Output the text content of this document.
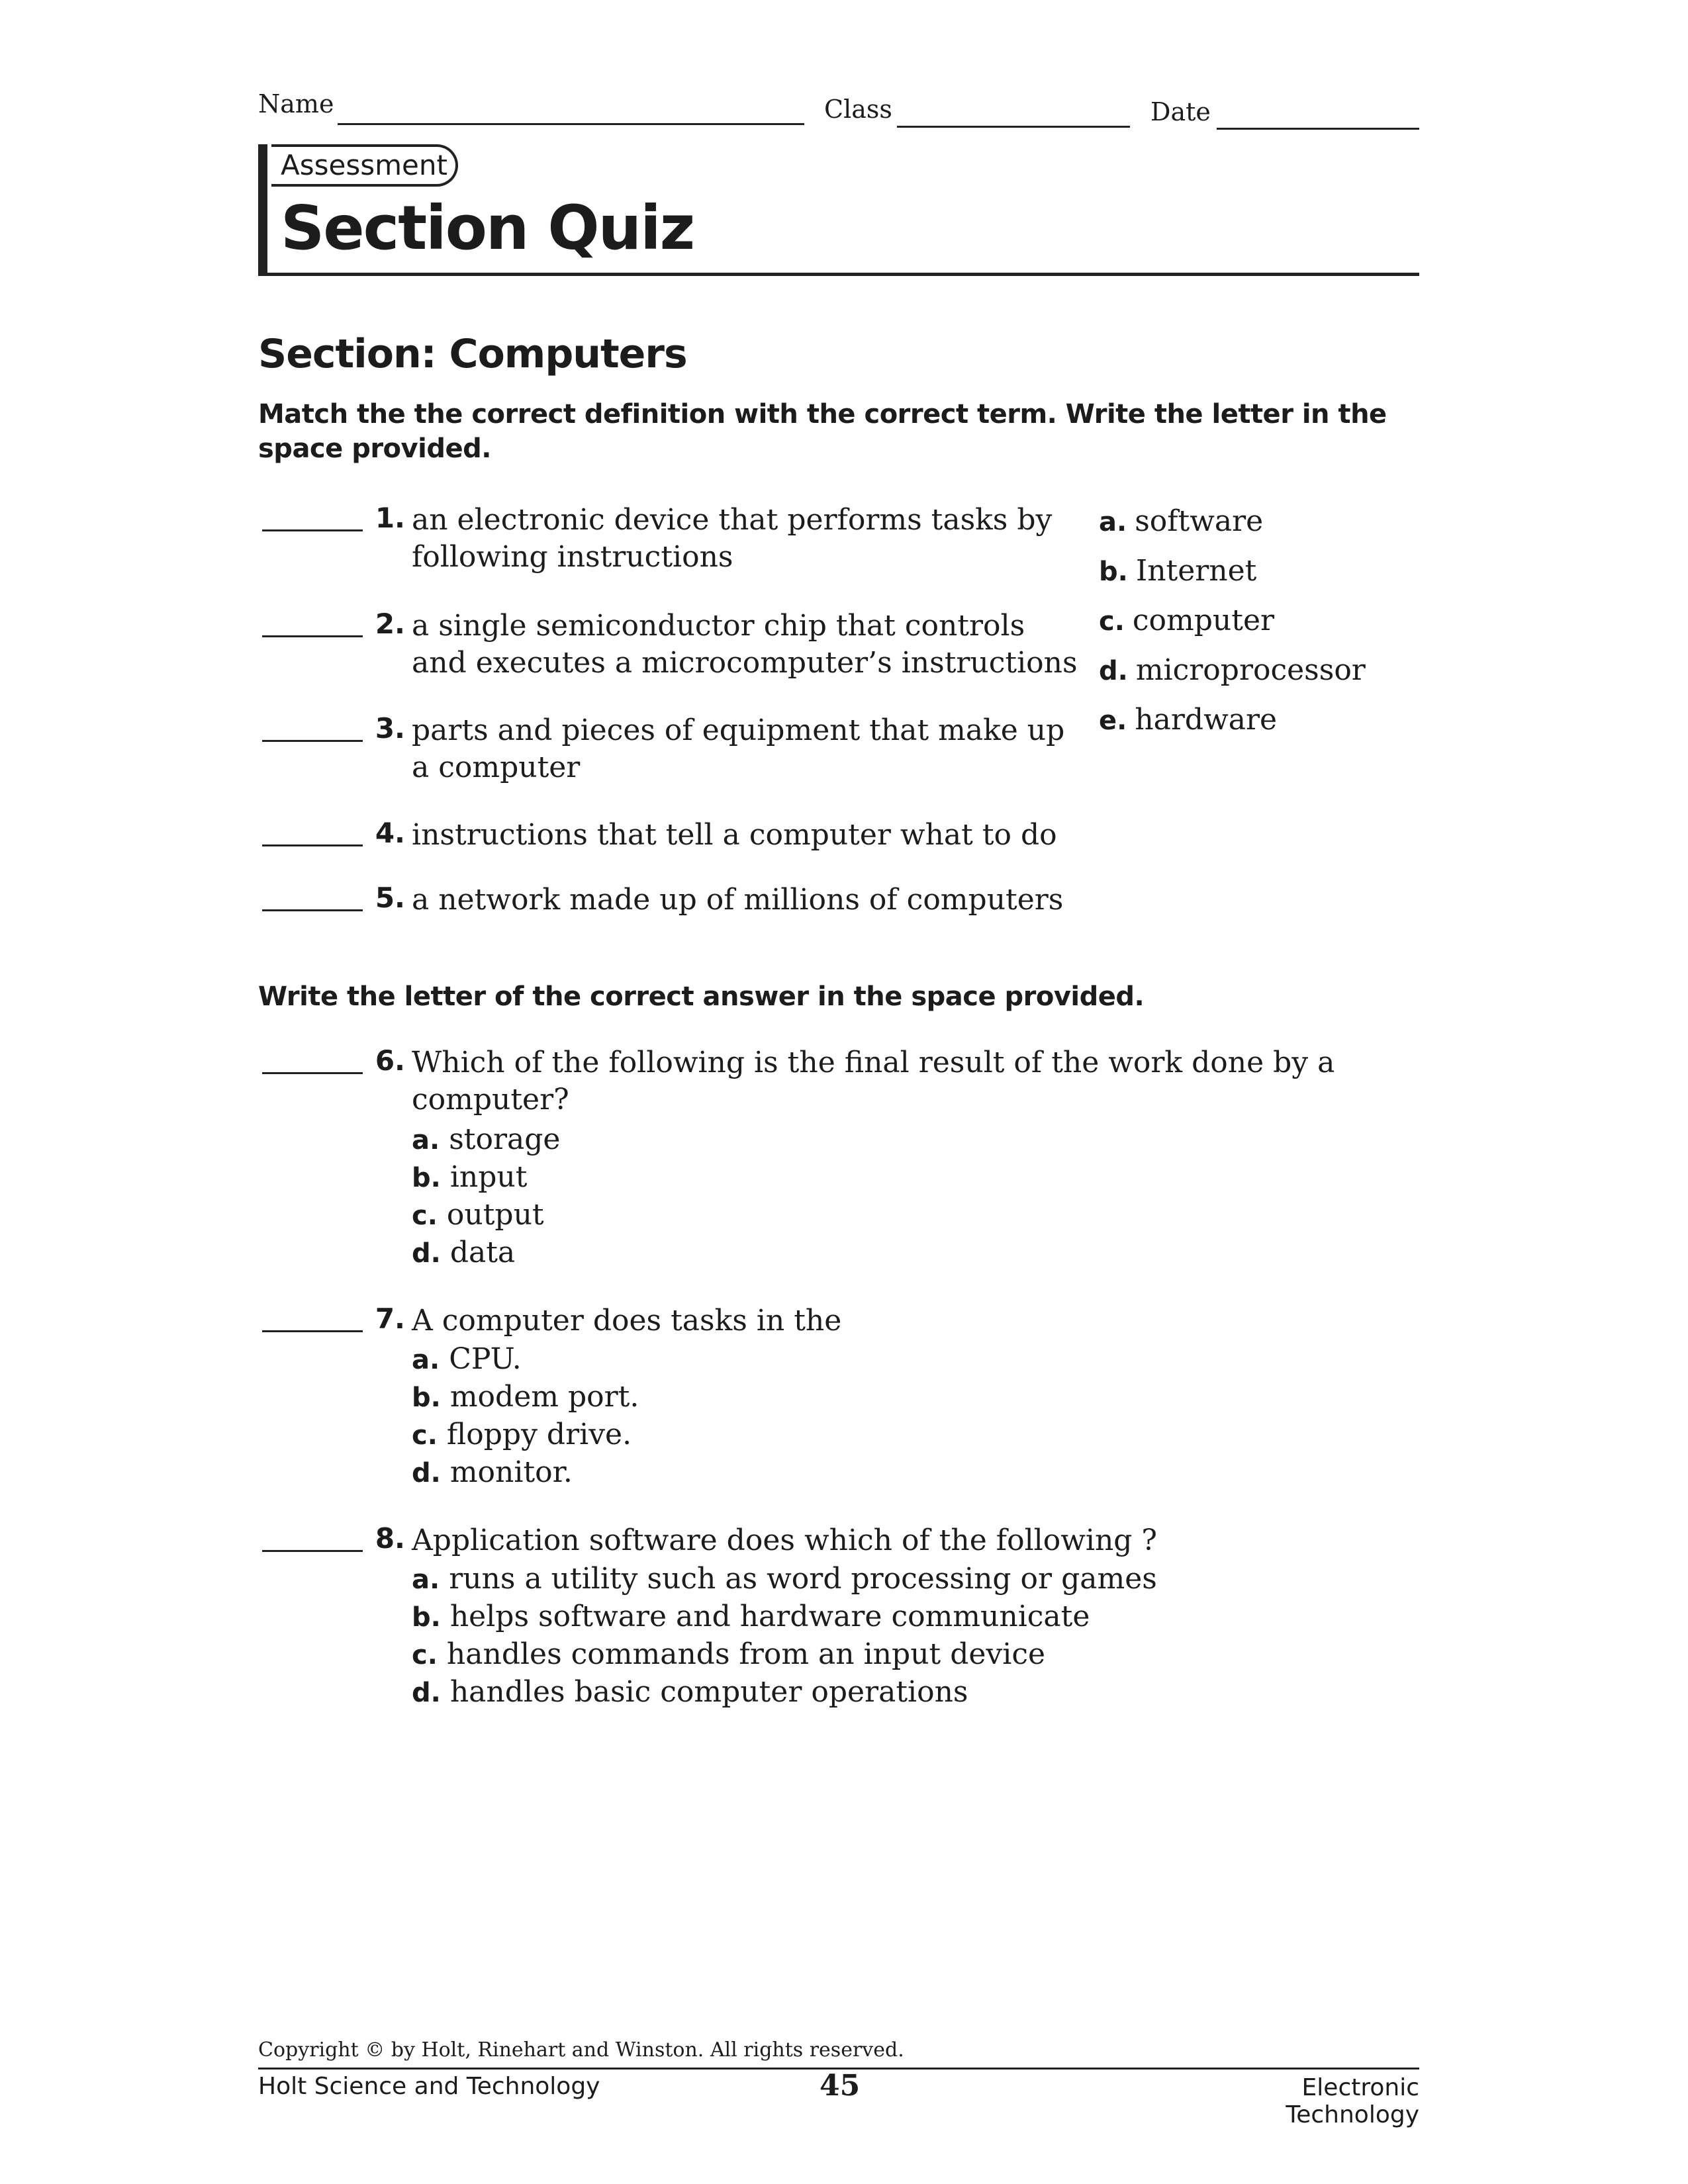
Name	Class	Date
Assessment
Section Quiz
Section: Computers
Match the the correct definition with the correct term. Write the letter in the space provided.
1. an electronic device that performs tasks by
following instructions
2. a single semiconductor chip that controls
and executes a microcomputer’s instructions
3. parts and pieces of equipment that make up
a computer
4. instructions that tell a computer what to do
5. a network made up of millions of computers
a. software
b. Internet
c. computer
d. microprocessor
e. hardware
Write the letter of the correct answer in the space provided.
6. Which of the following is the final result of the work done by a
computer?
a. storage
b. input
c. output
d. data
7. A computer does tasks in the
a. CPU.
b. modem port.
c. floppy drive.
d. monitor.
8. Application software does which of the following ?
a. runs a utility such as word processing or games
b. helps software and hardware communicate
c. handles commands from an input device
d. handles basic computer operations
Copyright © by Holt, Rinehart and Winston. All rights reserved.
Holt Science and Technology	45	Electronic Technology
